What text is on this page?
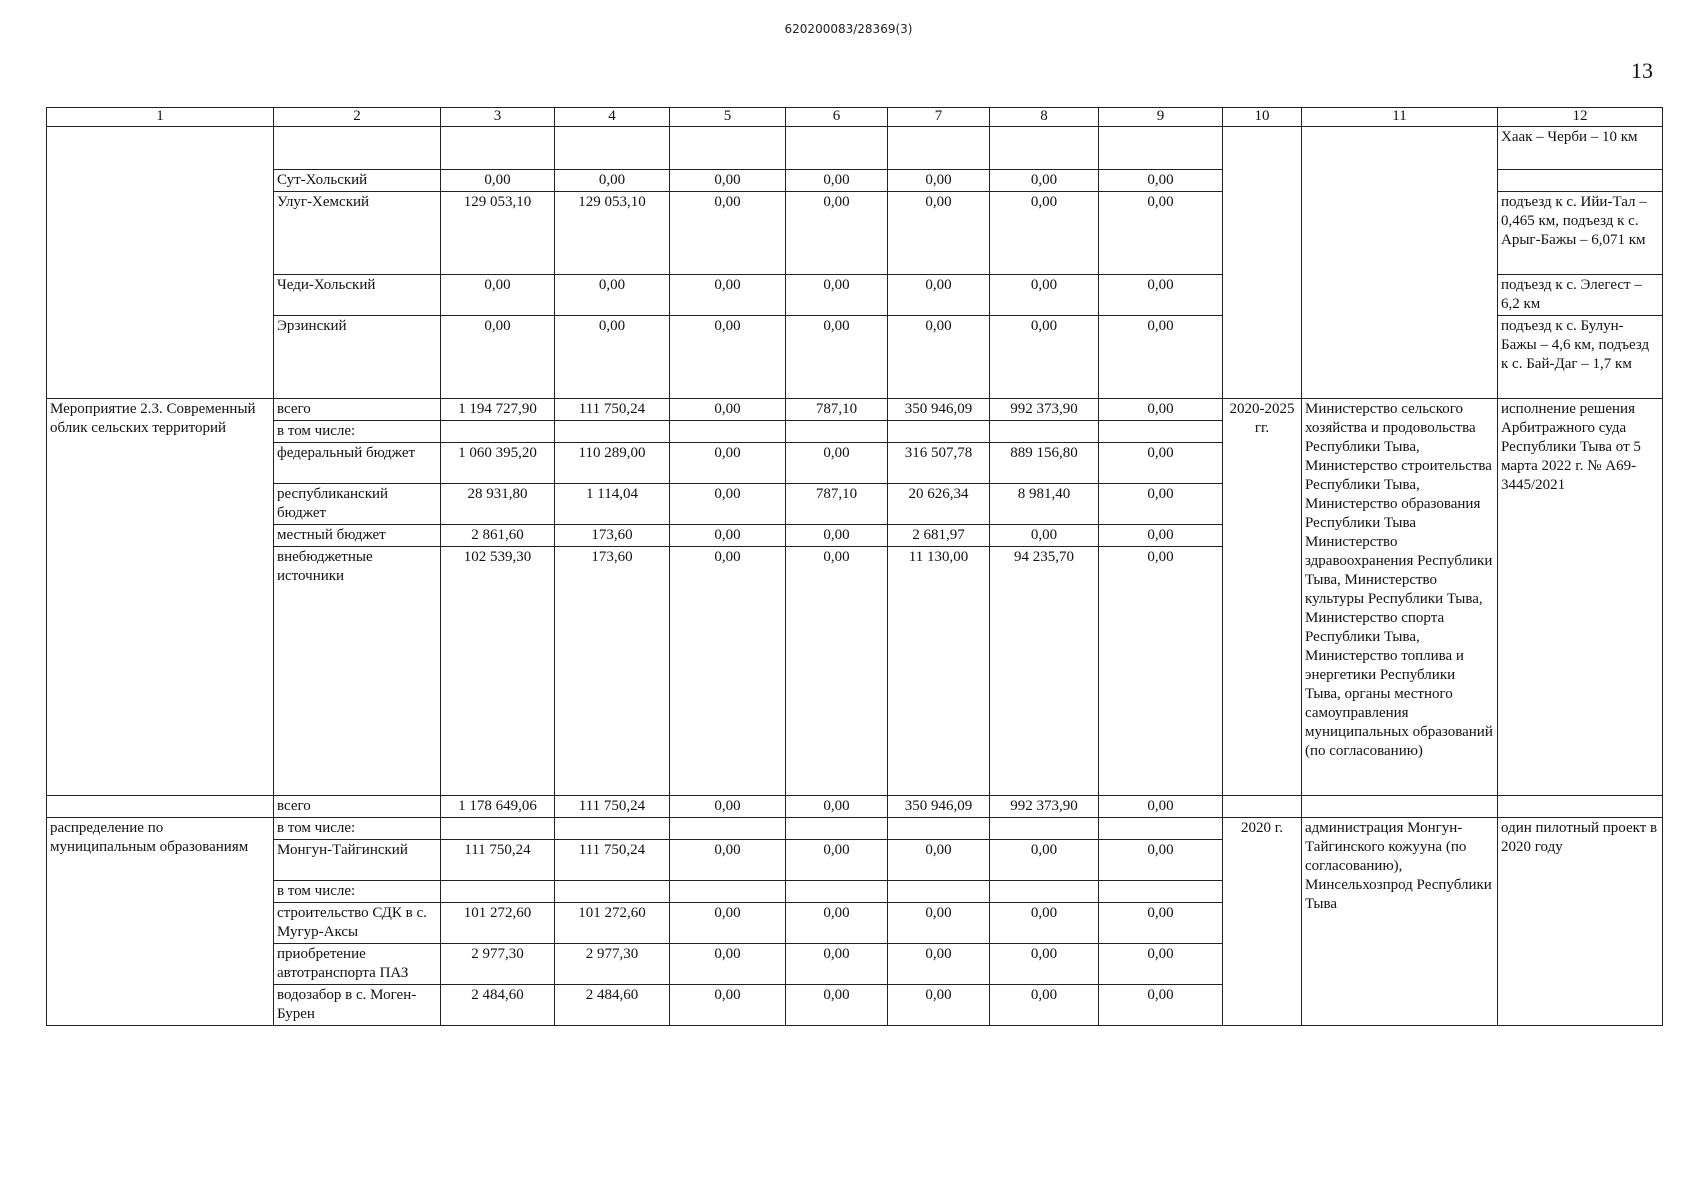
620200083/28369(3)
13
1	2	3	4	5	6	7	8	9	10	11	12
											Хаак – Черби – 10 км
	Сут-Хольский	0,00	0,00	0,00	0,00	0,00	0,00	0,00			
	Улуг-Хемский	129 053,10	129 053,10	0,00	0,00	0,00	0,00	0,00			подъезд к с. Ийи-Тал – 0,465 км, подъезд к с. Арыг-Бажы – 6,071 км
	Чеди-Хольский	0,00	0,00	0,00	0,00	0,00	0,00	0,00			подъезд к с. Элегест – 6,2 км
	Эрзинский	0,00	0,00	0,00	0,00	0,00	0,00	0,00			подъезд к с. Булун-Бажы – 4,6 км, подъезд к с. Бай-Даг – 1,7 км
Мероприятие 2.3. Современный облик сельских территорий	всего	1 194 727,90	111 750,24	0,00	787,10	350 946,09	992 373,90	0,00	2020-2025 гг.	Министерство сельского хозяйства и продовольства Республики Тыва, Министерство строительства Республики Тыва, Министерство образования Республики Тыва Министерство здравоохранения Республики Тыва, Министерство культуры Республики Тыва, Министерство спорта Республики Тыва, Министерство топлива и энергетики Республики Тыва, органы местного самоуправления муниципальных образований (по согласованию)	исполнение решения Арбитражного суда Республики Тыва от 5 марта 2022 г. № А69-3445/2021
	в том числе:										
	федеральный бюджет	1 060 395,20	110 289,00	0,00	0,00	316 507,78	889 156,80	0,00			
	республиканский бюджет	28 931,80	1 114,04	0,00	787,10	20 626,34	8 981,40	0,00			
	местный бюджет	2 861,60	173,60	0,00	0,00	2 681,97	0,00	0,00			
	внебюджетные источники	102 539,30	173,60	0,00	0,00	11 130,00	94 235,70	0,00			
	всего	1 178 649,06	111 750,24	0,00	0,00	350 946,09	992 373,90	0,00			
распределение по муниципальным образованиям	в том числе:								2020 г.	администрация Монгун-Тайгинского кожууна (по согласованию), Минсельхозпрод Республики Тыва	один пилотный проект в 2020 году
	Монгун-Тайгинский	111 750,24	111 750,24	0,00	0,00	0,00	0,00	0,00			
	в том числе:										
	строительство СДК в с. Мугур-Аксы	101 272,60	101 272,60	0,00	0,00	0,00	0,00	0,00			
	приобретение автотранспорта ПАЗ	2 977,30	2 977,30	0,00	0,00	0,00	0,00	0,00			
	водозабор в с. Моген-Бурен	2 484,60	2 484,60	0,00	0,00	0,00	0,00	0,00			
